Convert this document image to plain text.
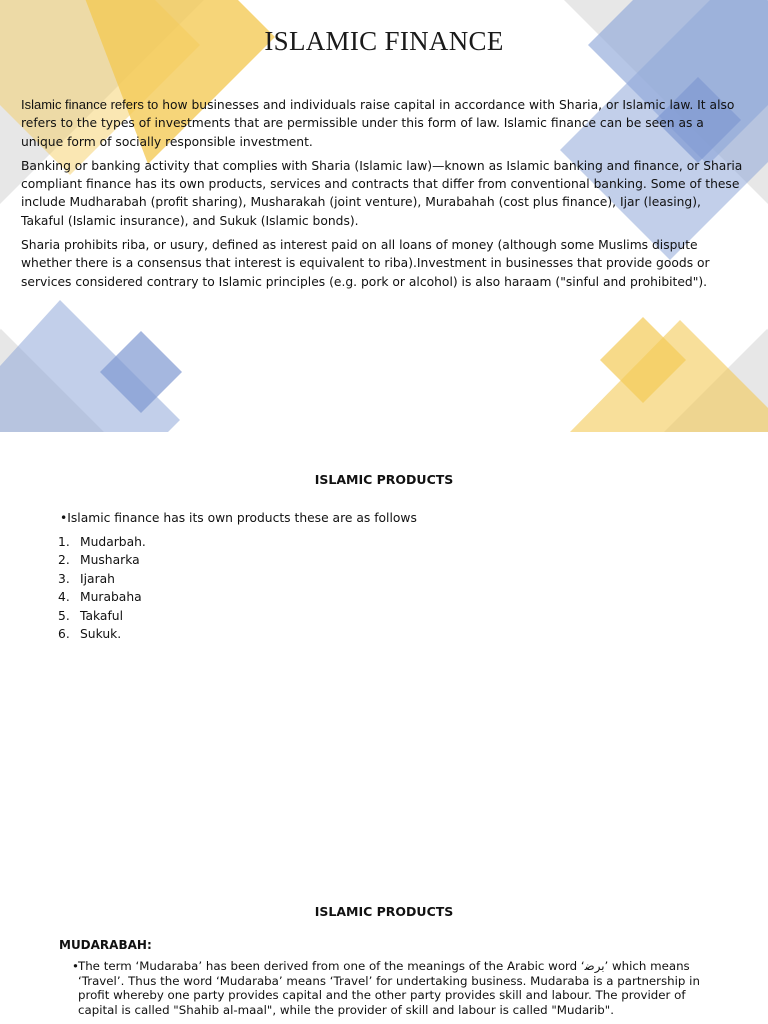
ISLAMIC FINANCE

Islamic finance refers to how businesses and individuals raise capital in accordance with Sharia, or Islamic law. It also refers to the types of investments that are permissible under this form of law. Islamic finance can be seen as a unique form of socially responsible investment.

Banking or banking activity that complies with Sharia (Islamic law)—known as Islamic banking and finance, or Sharia compliant finance has its own products, services and contracts that differ from conventional banking. Some of these include Mudharabah (profit sharing), Musharakah (joint venture), Murabahah (cost plus finance), Ijar (leasing), Takaful (Islamic insurance), and Sukuk (Islamic bonds).

Sharia prohibits riba, or usury, defined as interest paid on all loans of money (although some Muslims dispute whether there is a consensus that interest is equivalent to riba).Investment in businesses that provide goods or services considered contrary to Islamic principles (e.g. pork or alcohol) is also haraam ("sinful and prohibited").

ISLAMIC PRODUCTS
•Islamic finance has its own products these are as follows
1. Mudarbah.
2. Musharka
3. Ijarah
4. Murabaha
5. Takaful
6. Sukuk.
ISLAMIC PRODUCTS
MUDARABAH:
• The term ‘Mudaraba’ has been derived from one of the meanings of the Arabic word ‘ﺑﺮﺿ’ which means ‘Travel’. Thus the word ‘Mudaraba’ means ‘Travel’ for undertaking business. Mudaraba is a partnership in profit whereby one party provides capital and the other party provides skill and labour. The provider of capital is called "Shahib al-maal", while the provider of skill and labour is called "Mudarib".
